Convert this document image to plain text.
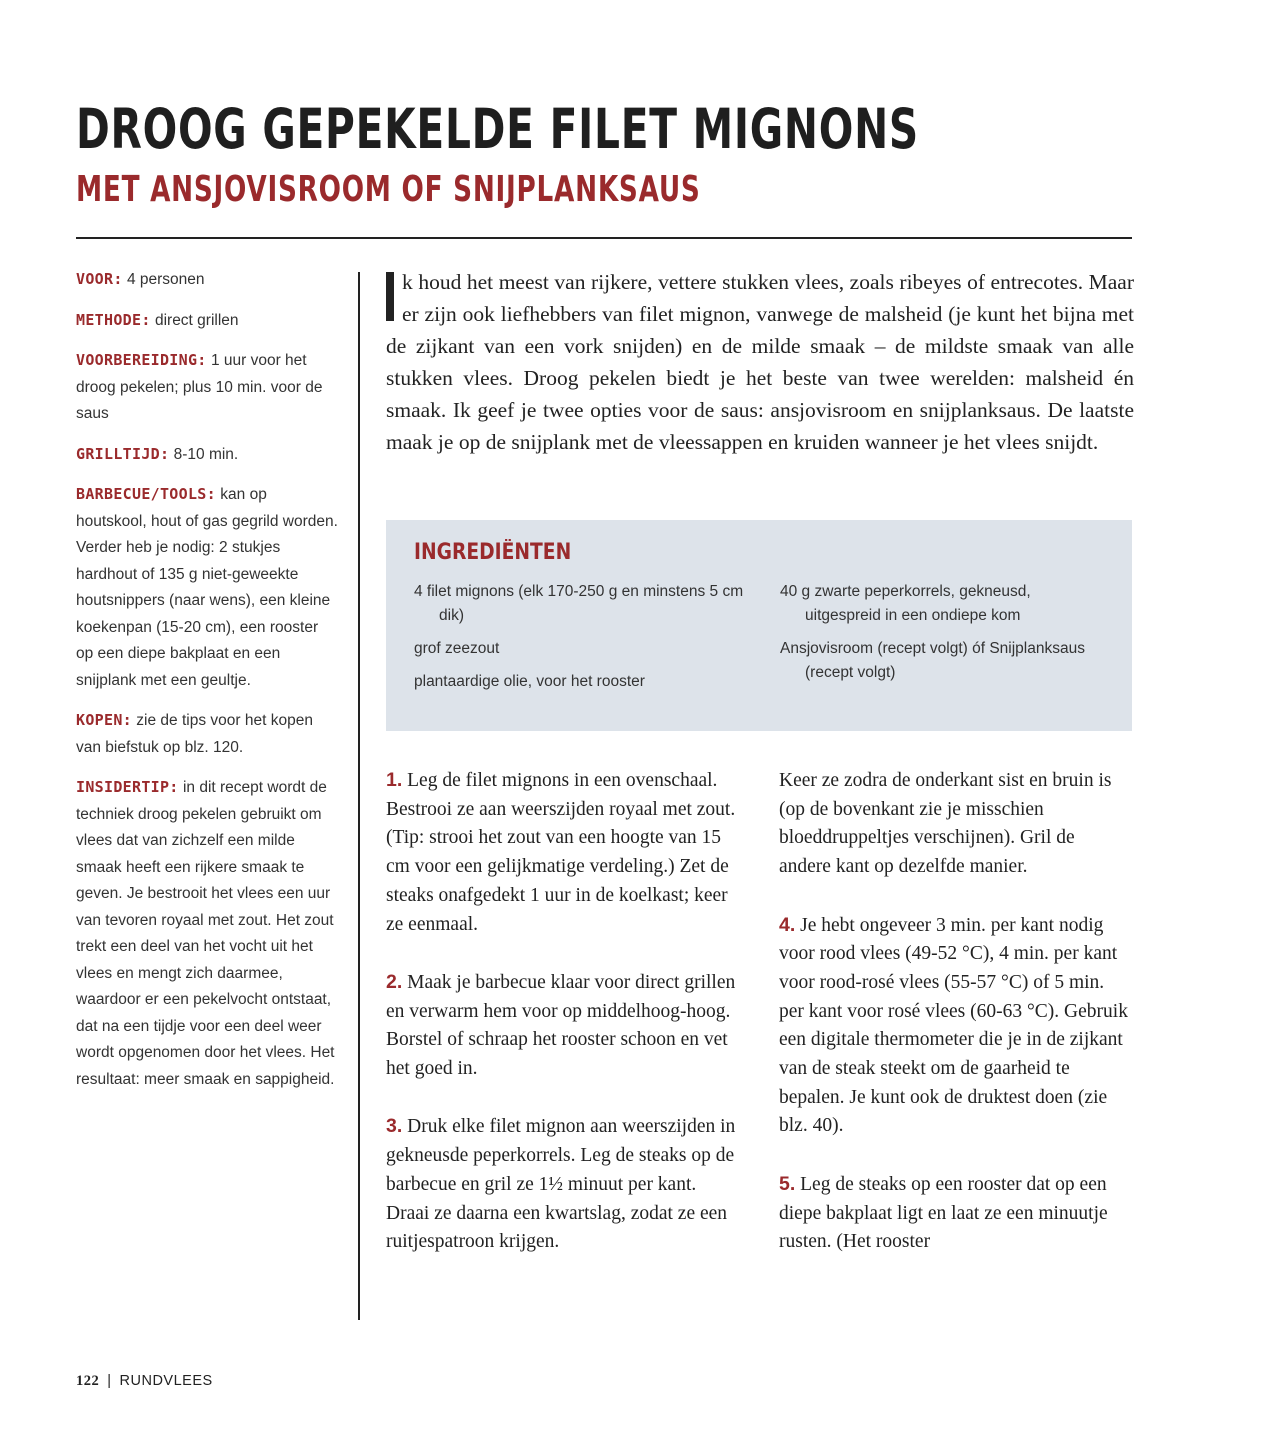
DROOG GEPEKELDE FILET MIGNONS
MET ANSJOVISROOM OF SNIJPLANKSAUS

VOOR: 4 personen

METHODE: direct grillen

VOORBEREIDING: 1 uur voor het droog pekelen; plus 10 min. voor de saus

GRILLTIJD: 8-10 min.

BARBECUE/TOOLS: kan op houtskool, hout of gas gegrild worden. Verder heb je nodig: 2 stukjes hardhout of 135 g niet-geweekte houtsnippers (naar wens), een kleine koekenpan (15-20 cm), een rooster op een diepe bakplaat en een snijplank met een geultje.

KOPEN: zie de tips voor het kopen van biefstuk op blz. 120.

INSIDERTIP: in dit recept wordt de techniek droog pekelen gebruikt om vlees dat van zichzelf een milde smaak heeft een rijkere smaak te geven. Je bestrooit het vlees een uur van tevoren royaal met zout. Het zout trekt een deel van het vocht uit het vlees en mengt zich daarmee, waardoor er een pekelvocht ontstaat, dat na een tijdje voor een deel weer wordt opgenomen door het vlees. Het resultaat: meer smaak en sappigheid.

k houd het meest van rijkere, vettere stukken vlees, zoals ribeyes of entrecotes. Maar er zijn ook liefhebbers van filet mignon, vanwege de malsheid (je kunt het bijna met de zijkant van een vork snijden) en de milde smaak – de mildste smaak van alle stukken vlees. Droog pekelen biedt je het beste van twee werelden: malsheid én smaak. Ik geef je twee opties voor de saus: ansjovisroom en snijplanksaus. De laatste maak je op de snijplank met de vleessappen en kruiden wanneer je het vlees snijdt.

INGREDIËNTEN
4 filet mignons (elk 170-250 g en minstens 5 cm dik)
grof zeezout
plantaardige olie, voor het rooster
40 g zwarte peperkorrels, gekneusd, uitgespreid in een ondiepe kom
Ansjovisroom (recept volgt) óf Snijplanksaus (recept volgt)

1. Leg de filet mignons in een ovenschaal. Bestrooi ze aan weerszijden royaal met zout. (Tip: strooi het zout van een hoogte van 15 cm voor een gelijkmatige verdeling.) Zet de steaks onafgedekt 1 uur in de koelkast; keer ze eenmaal.

2. Maak je barbecue klaar voor direct grillen en verwarm hem voor op middelhoog-hoog. Borstel of schraap het rooster schoon en vet het goed in.

3. Druk elke filet mignon aan weerszijden in gekneusde peperkorrels. Leg de steaks op de barbecue en gril ze 1½ minuut per kant. Draai ze daarna een kwartslag, zodat ze een ruitjespatroon krijgen.

Keer ze zodra de onderkant sist en bruin is (op de bovenkant zie je misschien bloeddruppeltjes verschijnen). Gril de andere kant op dezelfde manier.

4. Je hebt ongeveer 3 min. per kant nodig voor rood vlees (49-52 °C), 4 min. per kant voor rood-rosé vlees (55-57 °C) of 5 min. per kant voor rosé vlees (60-63 °C). Gebruik een digitale thermometer die je in de zijkant van de steak steekt om de gaarheid te bepalen. Je kunt ook de druktest doen (zie blz. 40).

5. Leg de steaks op een rooster dat op een diepe bakplaat ligt en laat ze een minuutje rusten. (Het rooster

122 | RUNDVLEES
